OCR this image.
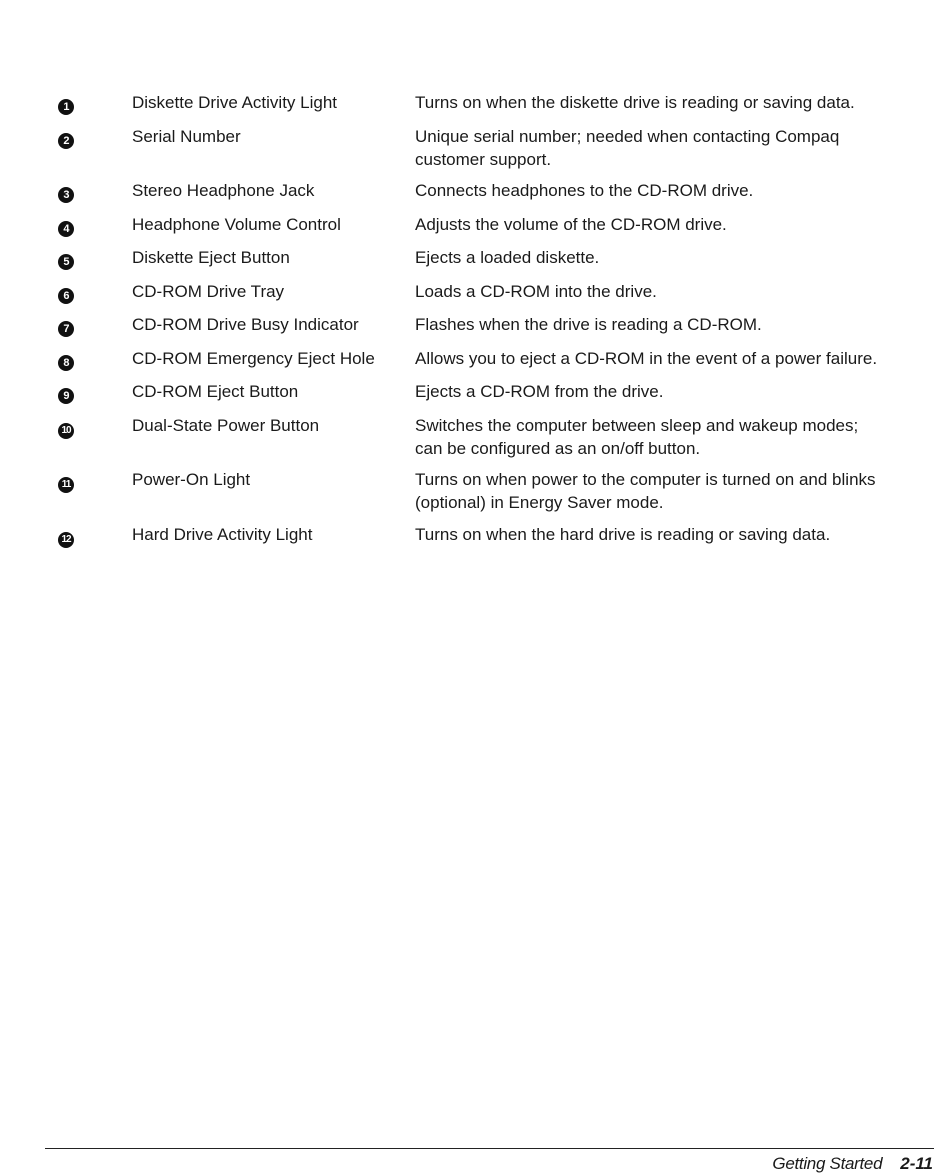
1	Diskette Drive Activity Light	Turns on when the diskette drive is reading or saving data.
2	Serial Number	Unique serial number; needed when contacting Compaq customer support.
3	Stereo Headphone Jack	Connects headphones to the CD-ROM drive.
4	Headphone Volume Control	Adjusts the volume of the CD-ROM drive.
5	Diskette Eject Button	Ejects a loaded diskette.
6	CD-ROM Drive Tray	Loads a CD-ROM into the drive.
7	CD-ROM Drive Busy Indicator	Flashes when the drive is reading a CD-ROM.
8	CD-ROM Emergency Eject Hole	Allows you to eject a CD-ROM in the event of a power failure.
9	CD-ROM Eject Button	Ejects a CD-ROM from the drive.
10	Dual-State Power Button	Switches the computer between sleep and wakeup modes; can be configured as an on/off button.
11	Power-On Light	Turns on when power to the computer is turned on and blinks (optional) in Energy Saver mode.
12	Hard Drive Activity Light	Turns on when the hard drive is reading or saving data.
Getting Started 2-11
